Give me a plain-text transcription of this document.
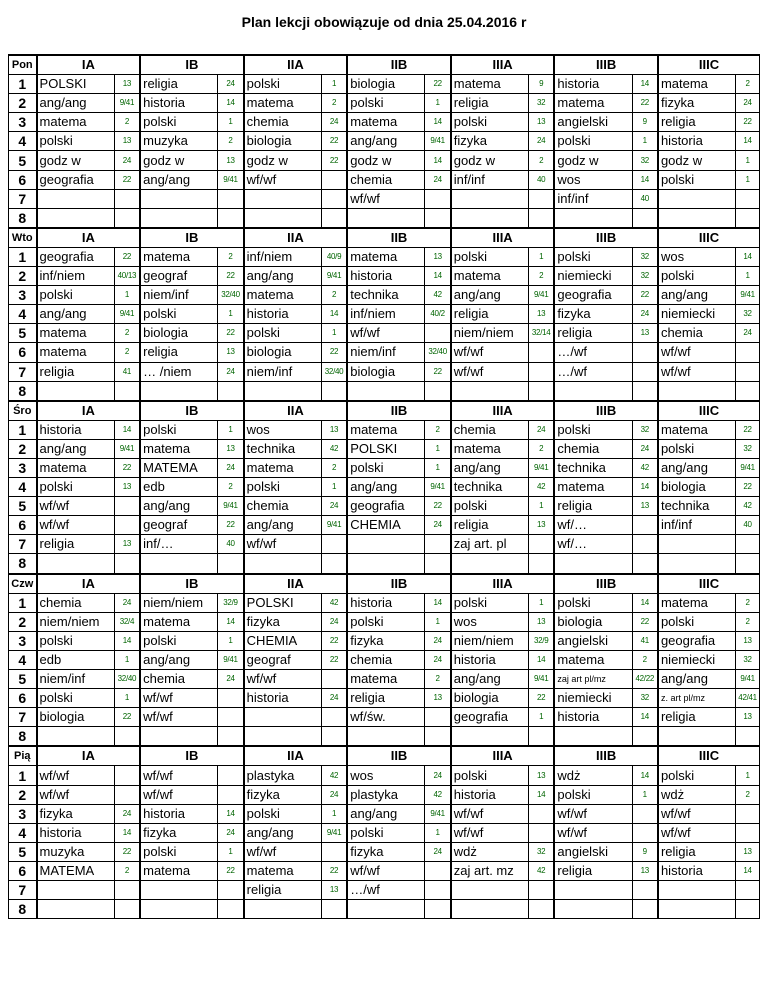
Plan lekcji obowiązuje od dnia 25.04.2016 r
Pon	IA		IB		IIA		IIB		IIIA		IIIB		IIIC	
1	POLSKI	13	religia	24	polski	1	biologia	22	matema	9	historia	14	matema	2
2	ang/ang	9/41	historia	14	matema	2	polski	1	religia	32	matema	22	fizyka	24
3	matema	2	polski	1	chemia	24	matema	14	polski	13	angielski	9	religia	22
4	polski	13	muzyka	2	biologia	22	ang/ang	9/41	fizyka	24	polski	1	historia	14
5	godz w	24	godz w	13	godz w	22	godz w	14	godz w	2	godz w	32	godz w	1
6	geografia	22	ang/ang	9/41	wf/wf		chemia	24	inf/inf	40	wos	14	polski	1
7							wf/wf				inf/inf	40		
8														
Wto	IA		IB		IIA		IIB		IIIA		IIIB		IIIC	
1	geografia	22	matema	2	inf/niem	40/9	matema	13	polski	1	polski	32	wos	14
2	inf/niem	40/13	geograf	22	ang/ang	9/41	historia	14	matema	2	niemiecki	32	polski	1
3	polski	1	niem/inf	32/40	matema	2	technika	42	ang/ang	9/41	geografia	22	ang/ang	9/41
4	ang/ang	9/41	polski	1	historia	14	inf/niem	40/2	religia	13	fizyka	24	niemiecki	32
5	matema	2	biologia	22	polski	1	wf/wf		niem/niem	32/14	religia	13	chemia	24
6	matema	2	religia	13	biologia	22	niem/inf	32/40	wf/wf		…/wf		wf/wf	
7	religia	41	… /niem	24	niem/inf	32/40	biologia	22	wf/wf		…/wf		wf/wf	
8														
Śro	IA		IB		IIA		IIB		IIIA		IIIB		IIIC	
1	historia	14	polski	1	wos	13	matema	2	chemia	24	polski	32	matema	22
2	ang/ang	9/41	matema	13	technika	42	POLSKI	1	matema	2	chemia	24	polski	32
3	matema	22	MATEMA	24	matema	2	polski	1	ang/ang	9/41	technika	42	ang/ang	9/41
4	polski	13	edb	2	polski	1	ang/ang	9/41	technika	42	matema	14	biologia	22
5	wf/wf		ang/ang	9/41	chemia	24	geografia	22	polski	1	religia	13	technika	42
6	wf/wf		geograf	22	ang/ang	9/41	CHEMIA	24	religia	13	wf/…		inf/inf	40
7	religia	13	inf/…	40	wf/wf				zaj art. pl		wf/…			
8														
Czw	IA		IB		IIA		IIB		IIIA		IIIB		IIIC	
1	chemia	24	niem/niem	32/9	POLSKI	42	historia	14	polski	1	polski	14	matema	2
2	niem/niem	32/4	matema	14	fizyka	24	polski	1	wos	13	biologia	22	polski	2
3	polski	14	polski	1	CHEMIA	22	fizyka	24	niem/niem	32/9	angielski	41	geografia	13
4	edb	1	ang/ang	9/41	geograf	22	chemia	24	historia	14	matema	2	niemiecki	32
5	niem/inf	32/40	chemia	24	wf/wf		matema	2	ang/ang	9/41	zaj art pl/mz	42/22	ang/ang	9/41
6	polski	1	wf/wf		historia	24	religia	13	biologia	22	niemiecki	32	z. art pl/mz	42/41
7	biologia	22	wf/wf				wf/św.		geografia	1	historia	14	religia	13
8														
Pią	IA		IB		IIA		IIB		IIIA		IIIB		IIIC	
1	wf/wf		wf/wf		plastyka	42	wos	24	polski	13	wdż	14	polski	1
2	wf/wf		wf/wf		fizyka	24	plastyka	42	historia	14	polski	1	wdż	2
3	fizyka	24	historia	14	polski	1	ang/ang	9/41	wf/wf		wf/wf		wf/wf	
4	historia	14	fizyka	24	ang/ang	9/41	polski	1	wf/wf		wf/wf		wf/wf	
5	muzyka	22	polski	1	wf/wf		fizyka	24	wdż	32	angielski	9	religia	13
6	MATEMA	2	matema	22	matema	22	wf/wf		zaj art. mz	42	religia	13	historia	14
7					religia	13	…/wf							
8														
